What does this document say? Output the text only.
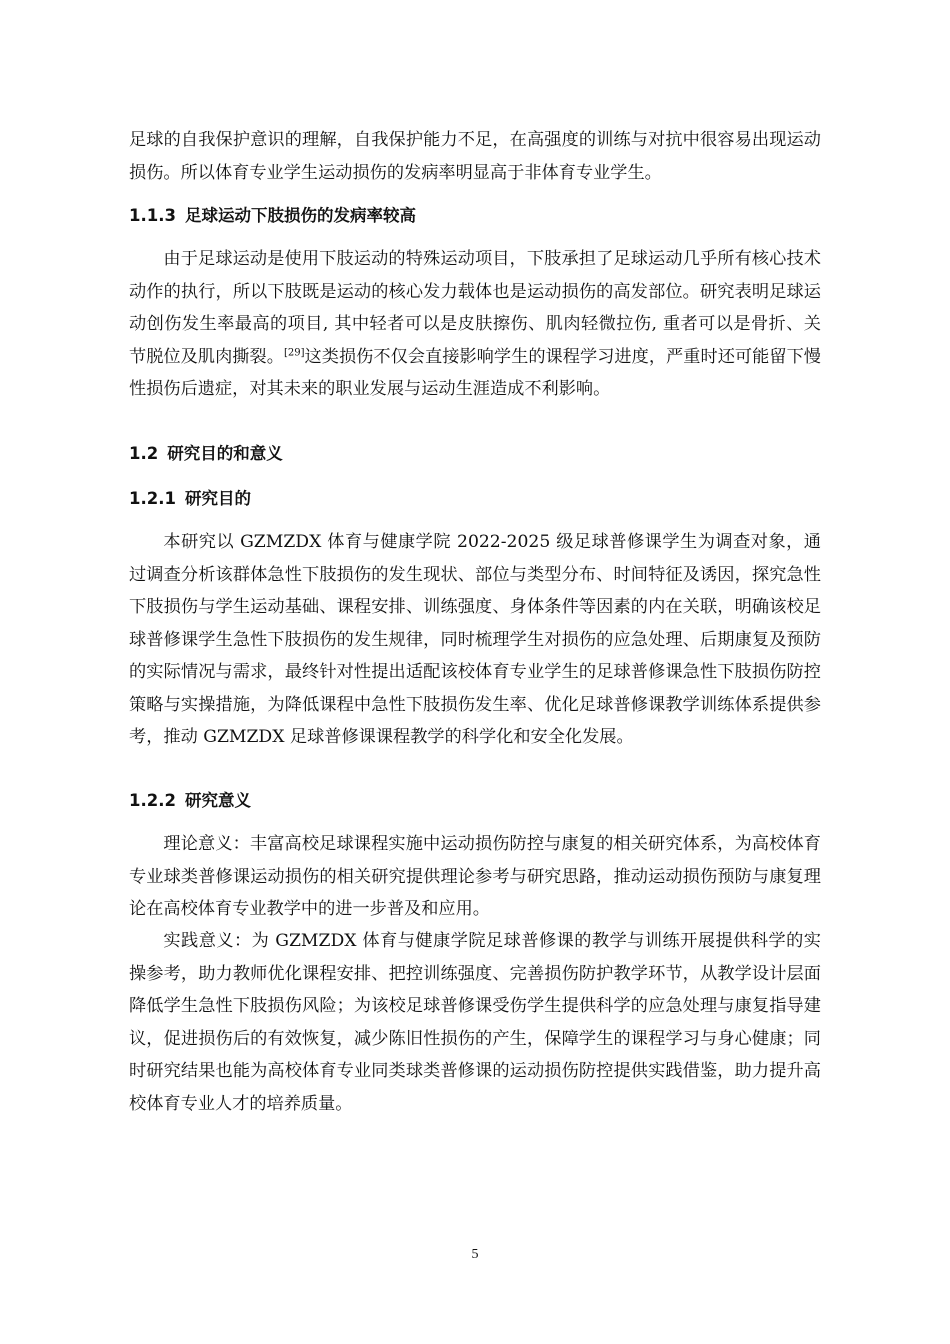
足球的自我保护意识的理解，自我保护能力不足，在高强度的训练与对抗中很容易出现运动损伤。所以体育专业学生运动损伤的发病率明显高于非体育专业学生。

1.1.3 足球运动下肢损伤的发病率较高

由于足球运动是使用下肢运动的特殊运动项目，下肢承担了足球运动几乎所有核心技术动作的执行，所以下肢既是运动的核心发力载体也是运动损伤的高发部位。研究表明足球运动创伤发生率最高的项目, 其中轻者可以是皮肤擦伤、肌肉轻微拉伤, 重者可以是骨折、关节脱位及肌肉撕裂。[29]这类损伤不仅会直接影响学生的课程学习进度，严重时还可能留下慢性损伤后遗症，对其未来的职业发展与运动生涯造成不利影响。

1.2 研究目的和意义
1.2.1 研究目的

本研究以 GZMZDX 体育与健康学院 2022-2025 级足球普修课学生为调查对象，通过调查分析该群体急性下肢损伤的发生现状、部位与类型分布、时间特征及诱因，探究急性下肢损伤与学生运动基础、课程安排、训练强度、身体条件等因素的内在关联，明确该校足球普修课学生急性下肢损伤的发生规律，同时梳理学生对损伤的应急处理、后期康复及预防的实际情况与需求，最终针对性提出适配该校体育专业学生的足球普修课急性下肢损伤防控策略与实操措施，为降低课程中急性下肢损伤发生率、优化足球普修课教学训练体系提供参考，推动 GZMZDX 足球普修课课程教学的科学化和安全化发展。

1.2.2 研究意义

理论意义：丰富高校足球课程实施中运动损伤防控与康复的相关研究体系，为高校体育专业球类普修课运动损伤的相关研究提供理论参考与研究思路，推动运动损伤预防与康复理论在高校体育专业教学中的进一步普及和应用。

实践意义：为 GZMZDX 体育与健康学院足球普修课的教学与训练开展提供科学的实操参考，助力教师优化课程安排、把控训练强度、完善损伤防护教学环节，从教学设计层面降低学生急性下肢损伤风险；为该校足球普修课受伤学生提供科学的应急处理与康复指导建议，促进损伤后的有效恢复，减少陈旧性损伤的产生，保障学生的课程学习与身心健康；同时研究结果也能为高校体育专业同类球类普修课的运动损伤防控提供实践借鉴，助力提升高校体育专业人才的培养质量。

5
